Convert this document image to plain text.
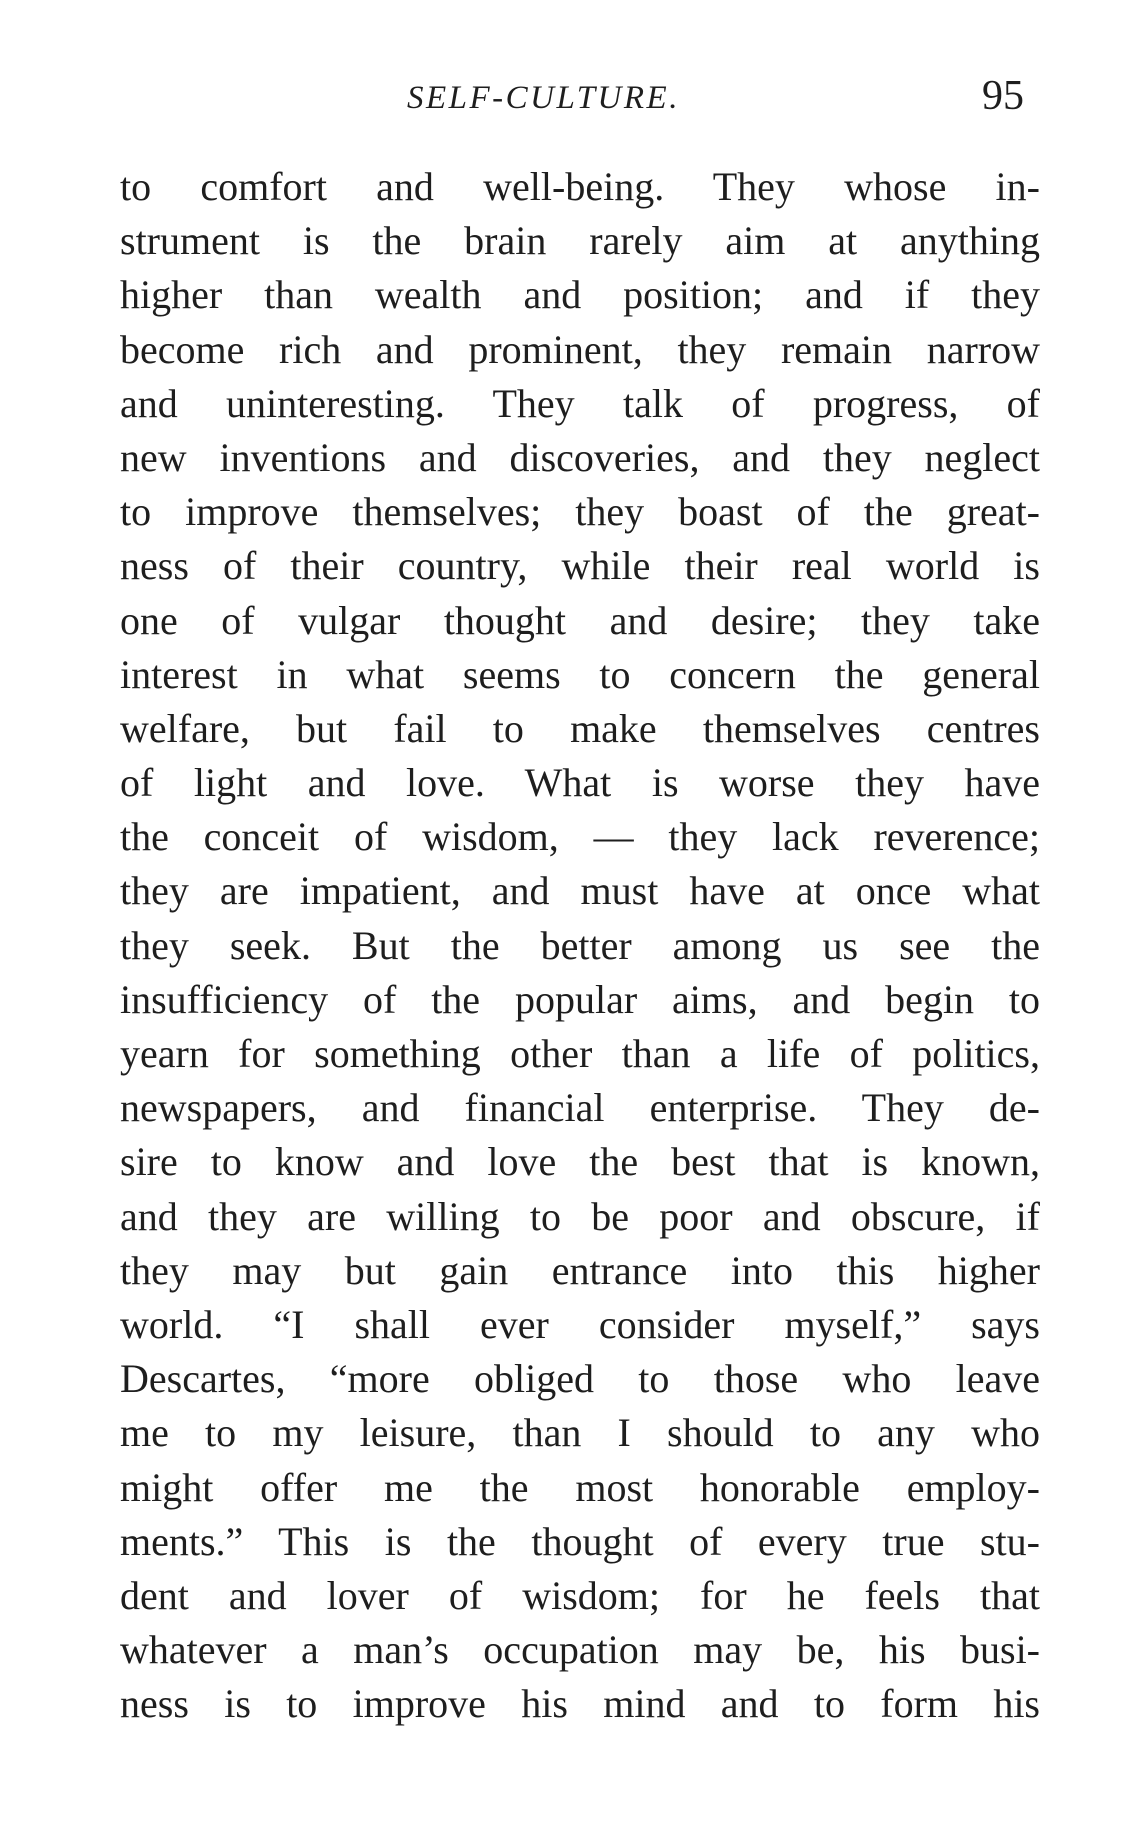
SELF-CULTURE.	95
to comfort and well-being. They whose in-
strument is the brain rarely aim at anything
higher than wealth and position; and if they
become rich and prominent, they remain narrow
and uninteresting. They talk of progress, of
new inventions and discoveries, and they neglect
to improve themselves; they boast of the great-
ness of their country, while their real world is
one of vulgar thought and desire; they take
interest in what seems to concern the general
welfare, but fail to make themselves centres
of light and love. What is worse they have
the conceit of wisdom, — they lack reverence;
they are impatient, and must have at once what
they seek. But the better among us see the
insufficiency of the popular aims, and begin to
yearn for something other than a life of politics,
newspapers, and financial enterprise. They de-
sire to know and love the best that is known,
and they are willing to be poor and obscure, if
they may but gain entrance into this higher
world. “I shall ever consider myself,” says
Descartes, “more obliged to those who leave
me to my leisure, than I should to any who
might offer me the most honorable employ-
ments.” This is the thought of every true stu-
dent and lover of wisdom; for he feels that
whatever a man’s occupation may be, his busi-
ness is to improve his mind and to form his
